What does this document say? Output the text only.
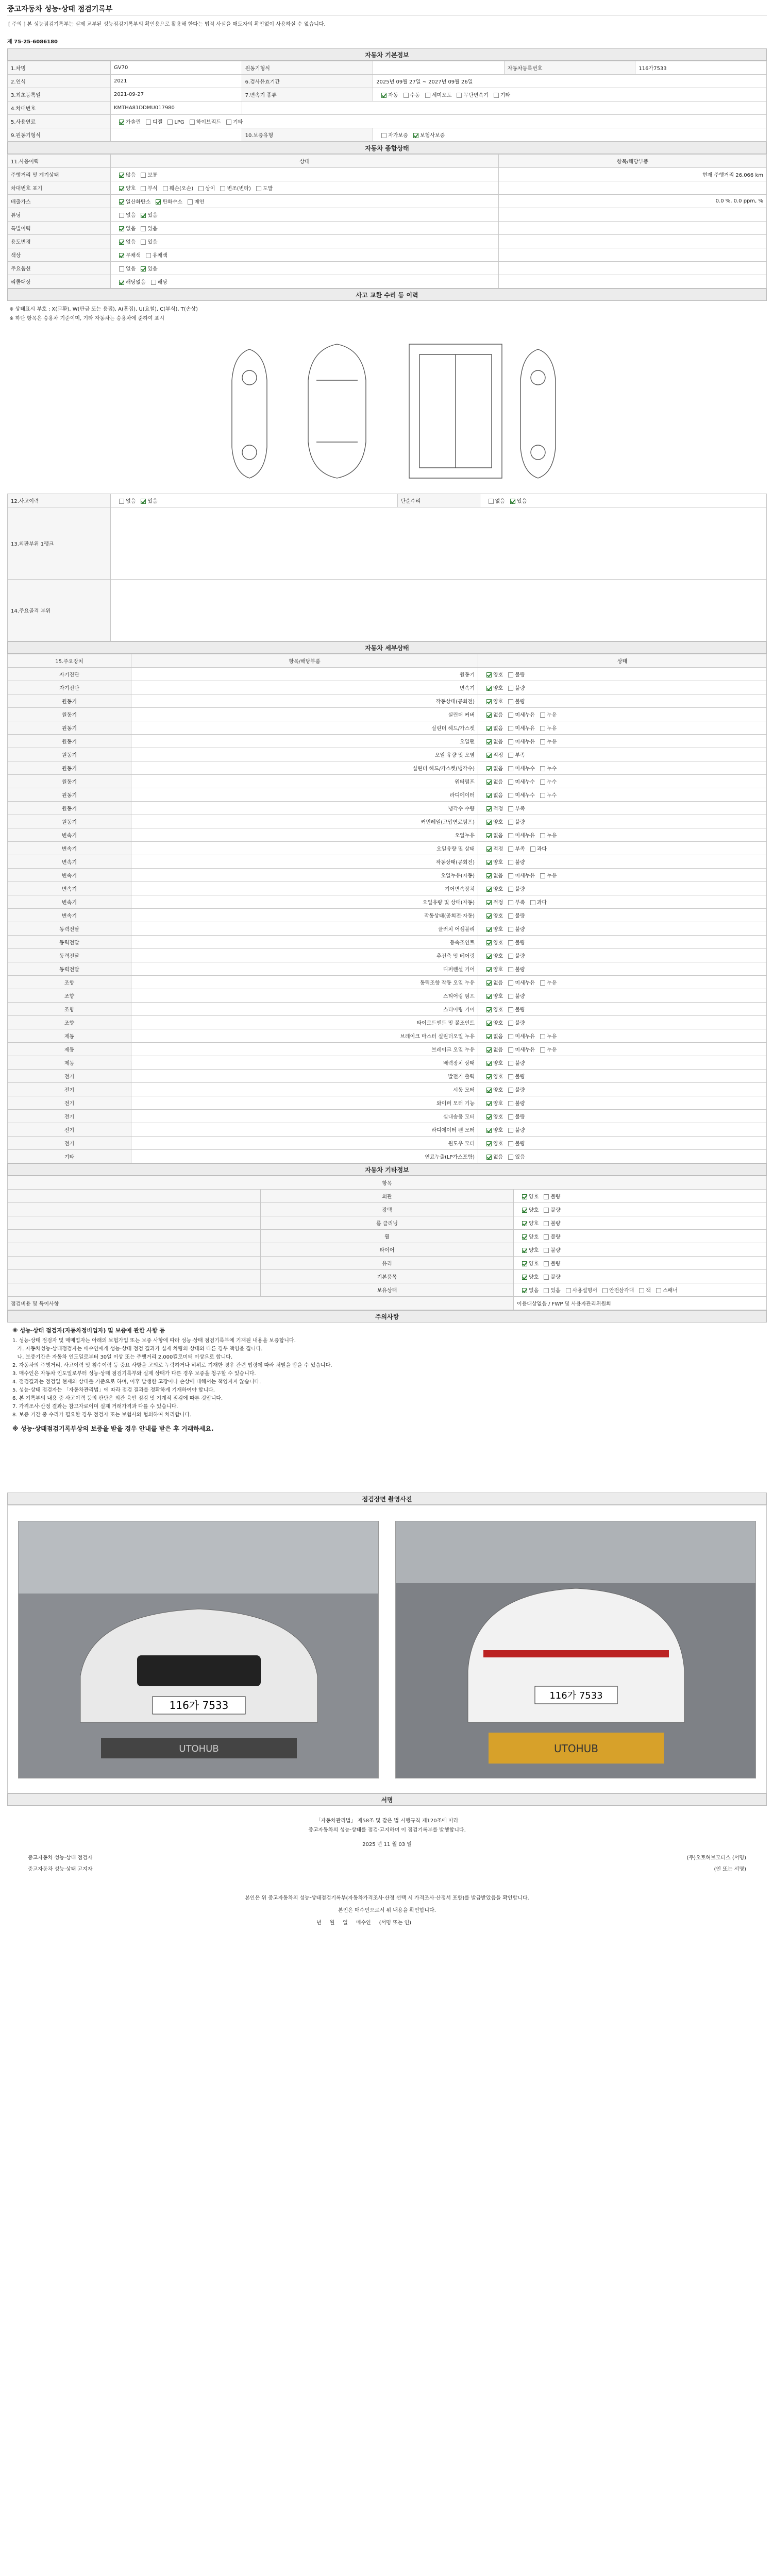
중고자동차 성능·상태 점검기록부
[ 주의 ] 본 성능점검기록부는 실제 교부된 성능점검기록부의 확인용으로 활용해 한다는 법적 사실을 매도자의 확인없이 사용하실 수 없습니다.
제 75-25-6086180
자동차 기본정보
1.차명	GV70	원동기형식		자동차등록번호	116가7533
2.연식	2021	6.검사유효기간	2025년 09월 27일 ~ 2027년 09월 26일		
3.최초등록일	2021-09-27	7.변속기 종류	자동 수동 세미오토 무단변속기 기타		
4.차대번호	KMTHA81DDMU017980				
5.사용연료	가솔린 디젤 LPG 하이브리드 기타				
9.원동기형식		10.보증유형	자가보증 보험사보증		
자동차 종합상태
11.사용이력	상태	항목/해당부품
주행거리 및 계기상태	많음 보통	현재 주행거리 26,066 km
차대번호 표기	양호 부식 훼손(오손) 상이 변조(변타) 도말	
배출가스	일산화탄소 탄화수소 매연	0.0 %, 0.0 ppm, %
튜닝	없음 있음	
특별이력	없음 있음	
용도변경	없음 있음	
색상	무채색 유채색	
주요옵션	없음 있음	
리콜대상	해당없음 해당	
사고 교환 수리 등 이력
※ 상태표시 부호 : X(교환), W(판금 또는 용접), A(흠집), U(요철), C(부식), T(손상)
※ 하단 항목은 승용차 기준이며, 기타 자동차는 승용차에 준하여 표시
12.사고이력	없음 있음	단순수리	없음 있음
13.외판부위 1랭크			
14.주요골격 부위			
자동차 세부상태
15.주요장치	항목/해당부품	상태
자기진단	원동기	양호 불량
자기진단	변속기	양호 불량
원동기	작동상태(공회전)	양호 불량
원동기	실린더 커버	없음 미세누유 누유
원동기	실린더 헤드/가스켓	없음 미세누유 누유
원동기	오일팬	없음 미세누유 누유
원동기	오일 유량 및 오염	적정 부족
원동기	실린더 헤드/가스켓(냉각수)	없음 미세누수 누수
원동기	워터펌프	없음 미세누수 누수
원동기	라디에이터	없음 미세누수 누수
원동기	냉각수 수량	적정 부족
원동기	커먼레일(고압연료펌프)	양호 불량
변속기	오일누유	없음 미세누유 누유
변속기	오일유량 및 상태	적정 부족 과다
변속기	작동상태(공회전)	양호 불량
변속기	오일누유(자동)	없음 미세누유 누유
변속기	기어변속장치	양호 불량
변속기	오일유량 및 상태(자동)	적정 부족 과다
변속기	작동상태(공회전·자동)	양호 불량
동력전달	클러치 어셈블리	양호 불량
동력전달	등속조인트	양호 불량
동력전달	추진축 및 베어링	양호 불량
동력전달	디퍼렌셜 기어	양호 불량
조향	동력조향 작동 오일 누유	없음 미세누유 누유
조향	스티어링 펌프	양호 불량
조향	스티어링 기어	양호 불량
조향	타이로드엔드 및 볼조인트	양호 불량
제동	브레이크 마스터 실린더오일 누유	없음 미세누유 누유
제동	브레이크 오일 누유	없음 미세누유 누유
제동	배력장치 상태	양호 불량
전기	발전기 출력	양호 불량
전기	시동 모터	양호 불량
전기	와이퍼 모터 기능	양호 불량
전기	실내송풍 모터	양호 불량
전기	라디에이터 팬 모터	양호 불량
전기	윈도우 모터	양호 불량
기타	연료누출(LP가스포함)	없음 있음
자동차 기타정보
항목		
	외관	양호 불량
	광택	양호 불량
	룸 클리닝	양호 불량
	휠	양호 불량
	타이어	양호 불량
	유리	양호 불량
	기본품목	양호 불량
	보유상태	없음 있음 사용설명서 안전삼각대 잭 스패너
점검비용 및 특이사항		이용대상없음 / FWP 및 사용자관리위원회
주의사항
※ 성능·상태 점검자(자동차정비업자) 및 보증에 관한 사항 등
1. 성능·상태 점검자 및 매매업자는 아래의 보험가입 또는 보증 사항에 따라 성능·상태 점검기록부에 기재된 내용을 보증합니다.
가. 자동차성능·상태점검자는 매수인에게 성능·상태 점검 결과가 실제 차량의 상태와 다른 경우 책임을 집니다.
나. 보증기간은 자동차 인도일로부터 30일 이상 또는 주행거리 2,000킬로미터 이상으로 합니다.
2. 자동차의 주행거리, 사고이력 및 침수이력 등 중요 사항을 고의로 누락하거나 허위로 기재한 경우 관련 법령에 따라 처벌을 받을 수 있습니다.
3. 매수인은 자동차 인도일로부터 성능·상태 점검기록부와 실제 상태가 다른 경우 보증을 청구할 수 있습니다.
4. 점검결과는 점검일 현재의 상태를 기준으로 하며, 이후 발생한 고장이나 손상에 대해서는 책임지지 않습니다.
5. 성능·상태 점검자는 「자동차관리법」에 따라 점검 결과를 정확하게 기재하여야 합니다.
6. 본 기록부의 내용 중 사고이력 등의 판단은 외관 육안 점검 및 기계적 점검에 따른 것입니다.
7. 가격조사·산정 결과는 참고자료이며 실제 거래가격과 다를 수 있습니다.
8. 보증 기간 중 수리가 필요한 경우 점검자 또는 보험사와 협의하여 처리합니다.
※ 성능·상태점검기록부상의 보증을 받을 경우 안내를 받은 후 거래하세요.
점검장면 촬영사진
116가 7533
UTOHUB
116가 7533
UTOHUB
서명
「자동차관리법」 제58조 및 같은 법 시행규칙 제120조에 따라
중고자동차의 성능·상태를 점검·고지하며 이 점검기록부를 발행합니다.
2025 년 11 월 03 일
중고자동차 성능·상태 점검자	(주)오토허브모터스 (서명)
중고자동차 성능·상태 고지자	(인 또는 서명)
본인은 위 중고자동차의 성능·상태점검기록부(자동차가격조사·산정 선택 시 가격조사·산정서 포함)를 발급받았음을 확인합니다.
본인은 매수인으로서 위 내용을 확인합니다.
년 월 일 매수인 (서명 또는 인)
